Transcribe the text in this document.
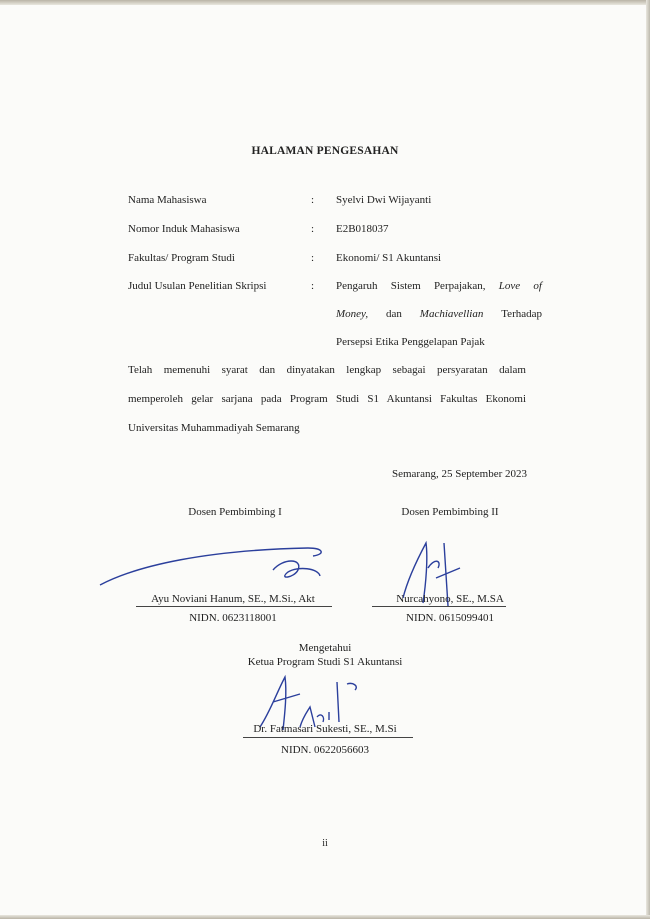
HALAMAN PENGESAHAN
Nama Mahasiswa	: Syelvi Dwi Wijayanti
Nomor Induk Mahasiswa	: E2B018037
Fakultas/ Program Studi	: Ekonomi/ S1 Akuntansi
Judul Usulan Penelitian Skripsi	: Pengaruh Sistem Perpajakan, Love of
Money, dan Machiavellian Terhadap
Persepsi Etika Penggelapan Pajak
Telah memenuhi syarat dan dinyatakan lengkap sebagai persyaratan dalam
memperoleh gelar sarjana pada Program Studi S1 Akuntansi Fakultas Ekonomi
Universitas Muhammadiyah Semarang
Semarang, 25 September 2023
Dosen Pembimbing I
Ayu Noviani Hanum, SE., M.Si., Akt
NIDN. 0623118001
Dosen Pembimbing II
Nurcahyono, SE., M.SA
NIDN. 0615099401
Mengetahui
Ketua Program Studi S1 Akuntansi
Dr. Fatmasari Sukesti, SE., M.Si
NIDN. 0622056603
ii
